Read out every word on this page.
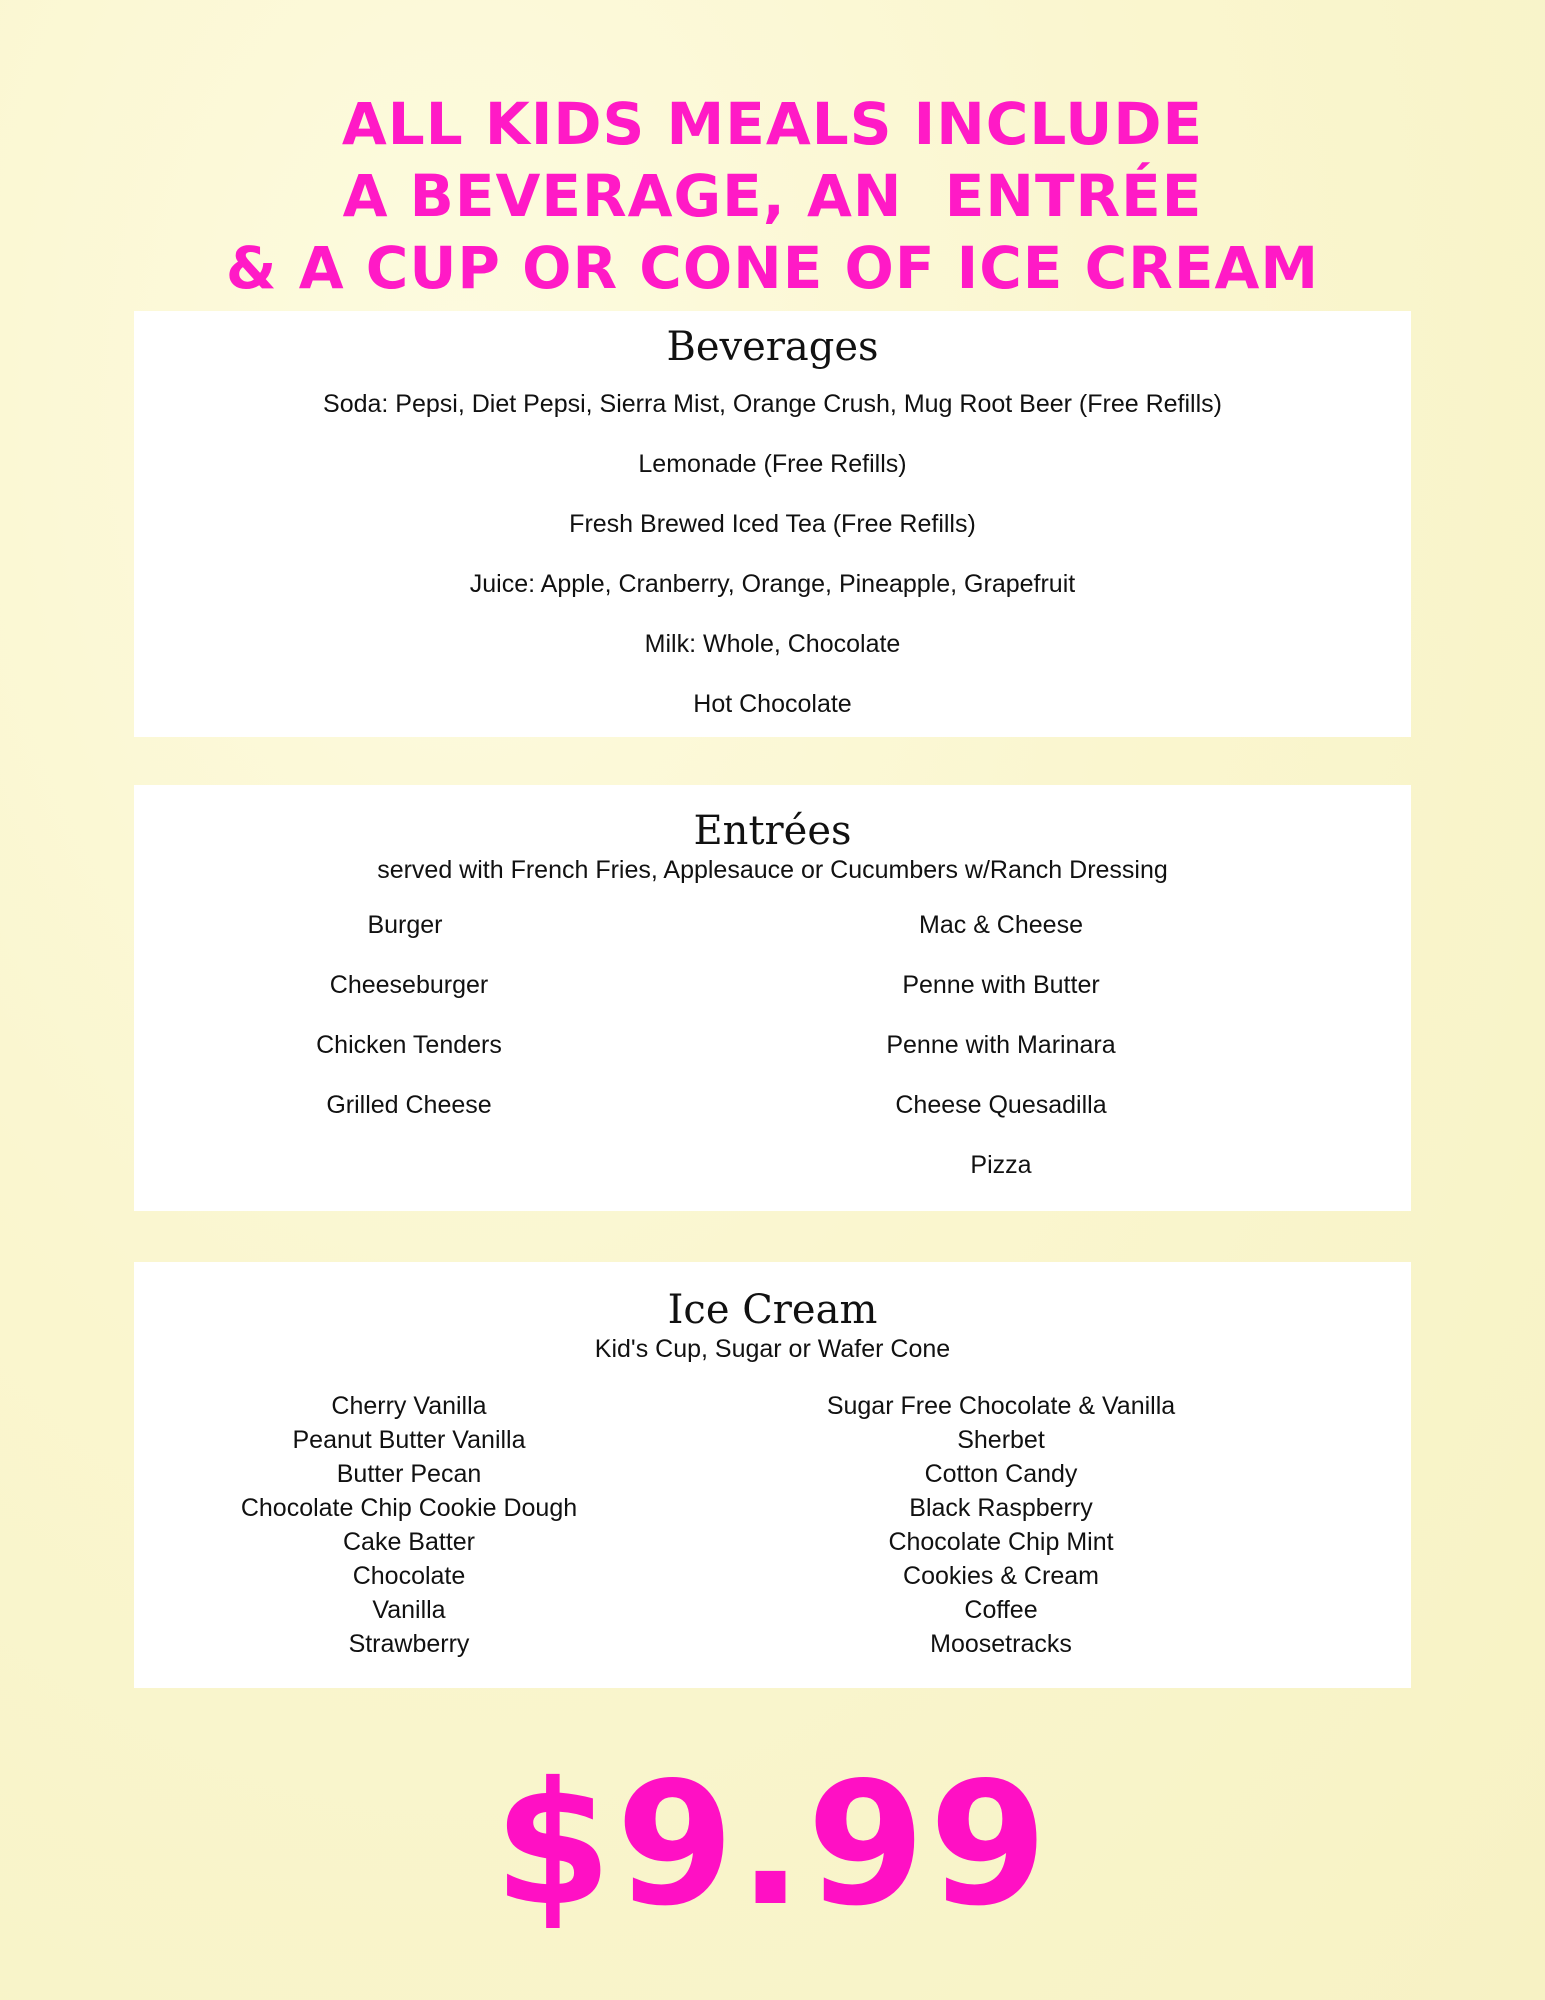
ALL KIDS MEALS INCLUDE
A BEVERAGE, AN  ENTRÉE
& A CUP OR CONE OF ICE CREAM
Beverages
Soda: Pepsi, Diet Pepsi, Sierra Mist, Orange Crush, Mug Root Beer (Free Refills)
Lemonade (Free Refills)
Fresh Brewed Iced Tea (Free Refills)
Juice: Apple, Cranberry, Orange, Pineapple, Grapefruit
Milk: Whole, Chocolate
Hot Chocolate
Entrées
served with French Fries, Applesauce or Cucumbers w/Ranch Dressing
Burger
Cheeseburger
Chicken Tenders
Grilled Cheese
Mac & Cheese
Penne with Butter
Penne with Marinara
Cheese Quesadilla
Pizza
Ice Cream
Kid's Cup, Sugar or Wafer Cone
Cherry Vanilla
Peanut Butter Vanilla
Butter Pecan
Chocolate Chip Cookie Dough
Cake Batter
Chocolate
Vanilla
Strawberry
Sugar Free Chocolate & Vanilla
Sherbet
Cotton Candy
Black Raspberry
Chocolate Chip Mint
Cookies & Cream
Coffee
Moosetracks
$9.99
